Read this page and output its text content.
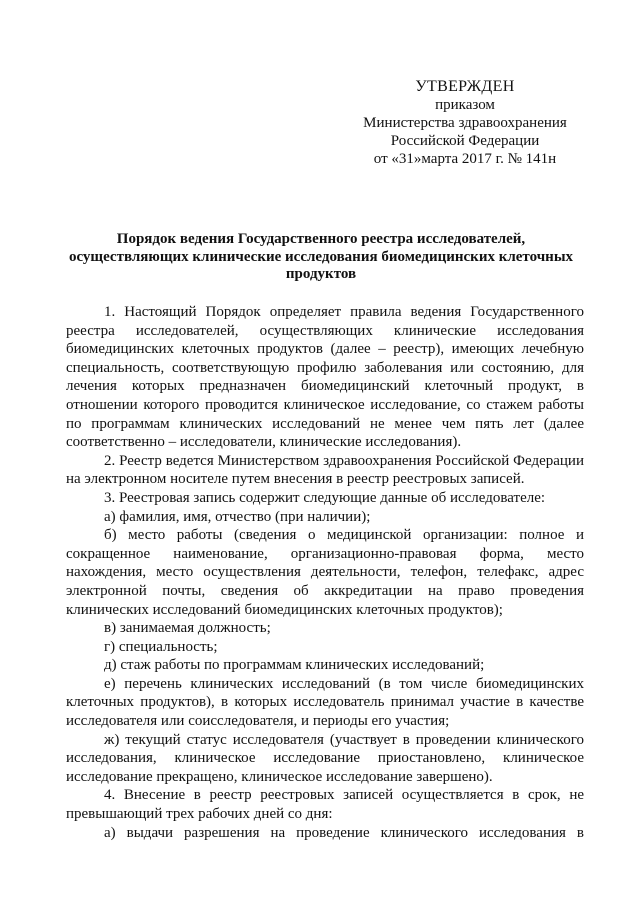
УТВЕРЖДЕН
приказом
Министерства здравоохранения
Российской Федерации
от «31»марта 2017 г. № 141н
Порядок ведения Государственного реестра исследователей,
осуществляющих клинические исследования биомедицинских клеточных
продуктов

1. Настоящий Порядок определяет правила ведения Государственного реестра исследователей, осуществляющих клинические исследования биомедицинских клеточных продуктов (далее – реестр), имеющих лечебную специальность, соответствующую профилю заболевания или состоянию, для лечения которых предназначен биомедицинский клеточный продукт, в отношении которого проводится клиническое исследование, со стажем работы по программам клинических исследований не менее чем пять лет (далее соответственно – исследователи, клинические исследования).

2. Реестр ведется Министерством здравоохранения Российской Федерации на электронном носителе путем внесения в реестр реестровых записей.

3. Реестровая запись содержит следующие данные об исследователе:

а) фамилия, имя, отчество (при наличии);

б) место работы (сведения о медицинской организации: полное и сокращенное наименование, организационно-правовая форма, место нахождения, место осуществления деятельности, телефон, телефакс, адрес электронной почты, сведения об аккредитации на право проведения клинических исследований биомедицинских клеточных продуктов);

в) занимаемая должность;

г) специальность;

д) стаж работы по программам клинических исследований;

е) перечень клинических исследований (в том числе биомедицинских клеточных продуктов), в которых исследователь принимал участие в качестве исследователя или соисследователя, и периоды его участия;

ж) текущий статус исследователя (участвует в проведении клинического исследования, клиническое исследование приостановлено, клиническое исследование прекращено, клиническое исследование завершено).

4. Внесение в реестр реестровых записей осуществляется в срок, не превышающий трех рабочих дней со дня:

а) выдачи разрешения на проведение клинического исследования в
